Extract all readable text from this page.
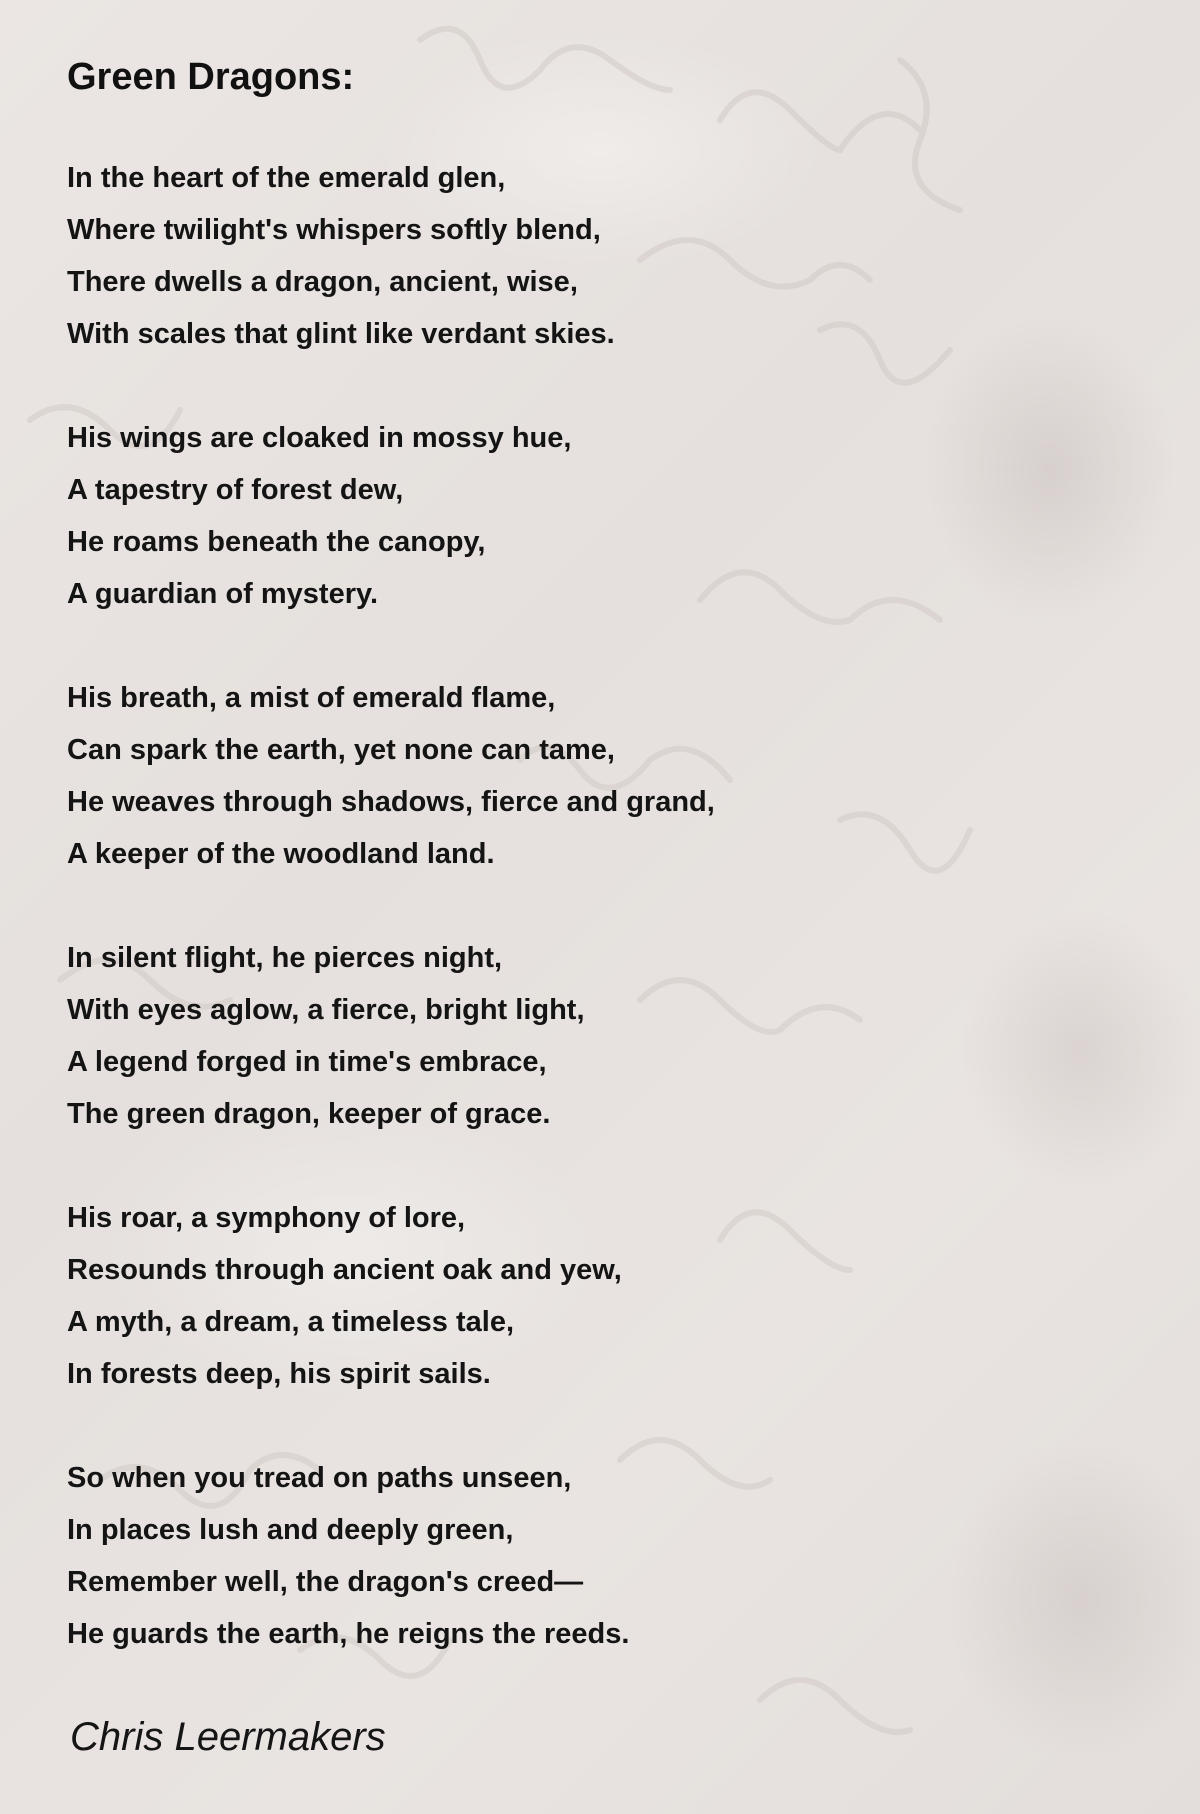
Green Dragons:
In the heart of the emerald glen,
Where twilight's whispers softly blend,
There dwells a dragon, ancient, wise,
With scales that glint like verdant skies.
His wings are cloaked in mossy hue,
A tapestry of forest dew,
He roams beneath the canopy,
A guardian of mystery.
His breath, a mist of emerald flame,
Can spark the earth, yet none can tame,
He weaves through shadows, fierce and grand,
A keeper of the woodland land.
In silent flight, he pierces night,
With eyes aglow, a fierce, bright light,
A legend forged in time's embrace,
The green dragon, keeper of grace.
His roar, a symphony of lore,
Resounds through ancient oak and yew,
A myth, a dream, a timeless tale,
In forests deep, his spirit sails.
So when you tread on paths unseen,
In places lush and deeply green,
Remember well, the dragon's creed—
He guards the earth, he reigns the reeds.
Chris Leermakers
